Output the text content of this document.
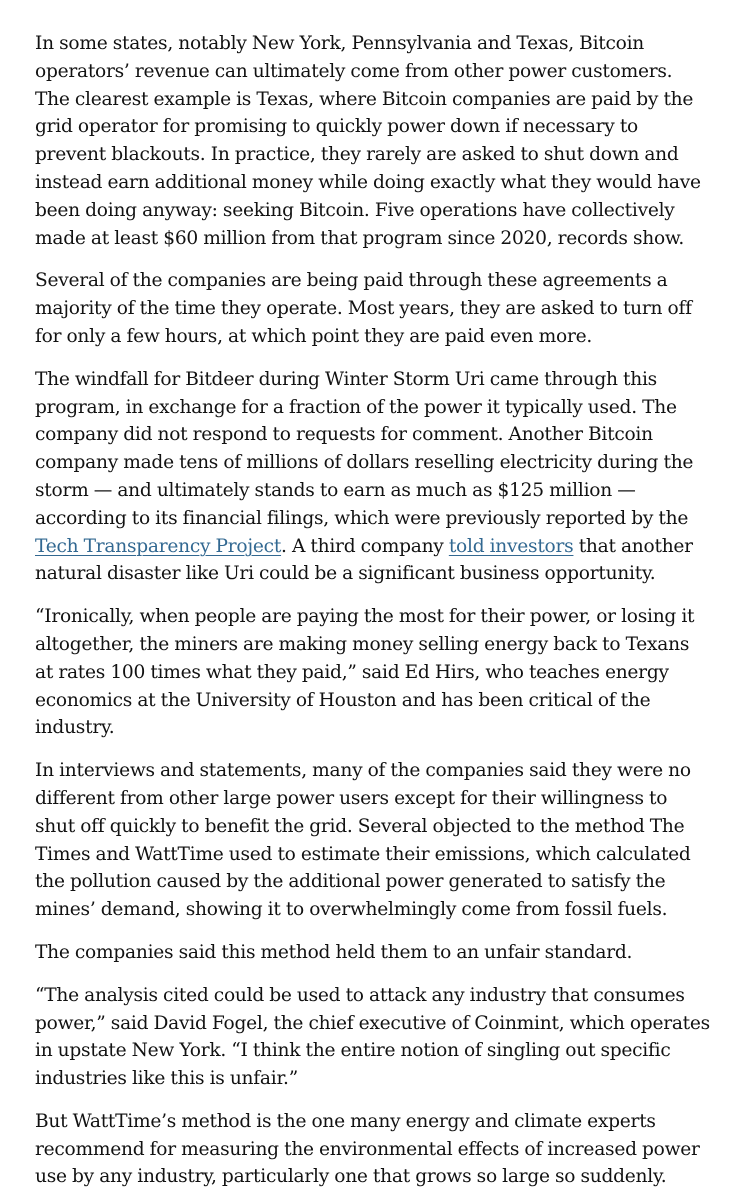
In some states, notably New York, Pennsylvania and Texas, Bitcoin operators’ revenue can ultimately come from other power customers. The clearest example is Texas, where Bitcoin companies are paid by the grid operator for promising to quickly power down if necessary to prevent blackouts. In practice, they rarely are asked to shut down and instead earn additional money while doing exactly what they would have been doing anyway: seeking Bitcoin. Five operations have collectively made at least $60 million from that program since 2020, records show.

Several of the companies are being paid through these agreements a majority of the time they operate. Most years, they are asked to turn off for only a few hours, at which point they are paid even more.

The windfall for Bitdeer during Winter Storm Uri came through this program, in exchange for a fraction of the power it typically used. The company did not respond to requests for comment. Another Bitcoin company made tens of millions of dollars reselling electricity during the storm — and ultimately stands to earn as much as $125 million — according to its financial filings, which were previously reported by the Tech Transparency Project. A third company told investors that another natural disaster like Uri could be a significant business opportunity.

“Ironically, when people are paying the most for their power, or losing it altogether, the miners are making money selling energy back to Texans at rates 100 times what they paid,” said Ed Hirs, who teaches energy economics at the University of Houston and has been critical of the industry.

In interviews and statements, many of the companies said they were no different from other large power users except for their willingness to shut off quickly to benefit the grid. Several objected to the method The Times and WattTime used to estimate their emissions, which calculated the pollution caused by the additional power generated to satisfy the mines’ demand, showing it to overwhelmingly come from fossil fuels.

The companies said this method held them to an unfair standard.

“The analysis cited could be used to attack any industry that consumes power,” said David Fogel, the chief executive of Coinmint, which operates in upstate New York. “I think the entire notion of singling out specific industries like this is unfair.”

But WattTime’s method is the one many energy and climate experts recommend for measuring the environmental effects of increased power use by any industry, particularly one that grows so large so suddenly.
